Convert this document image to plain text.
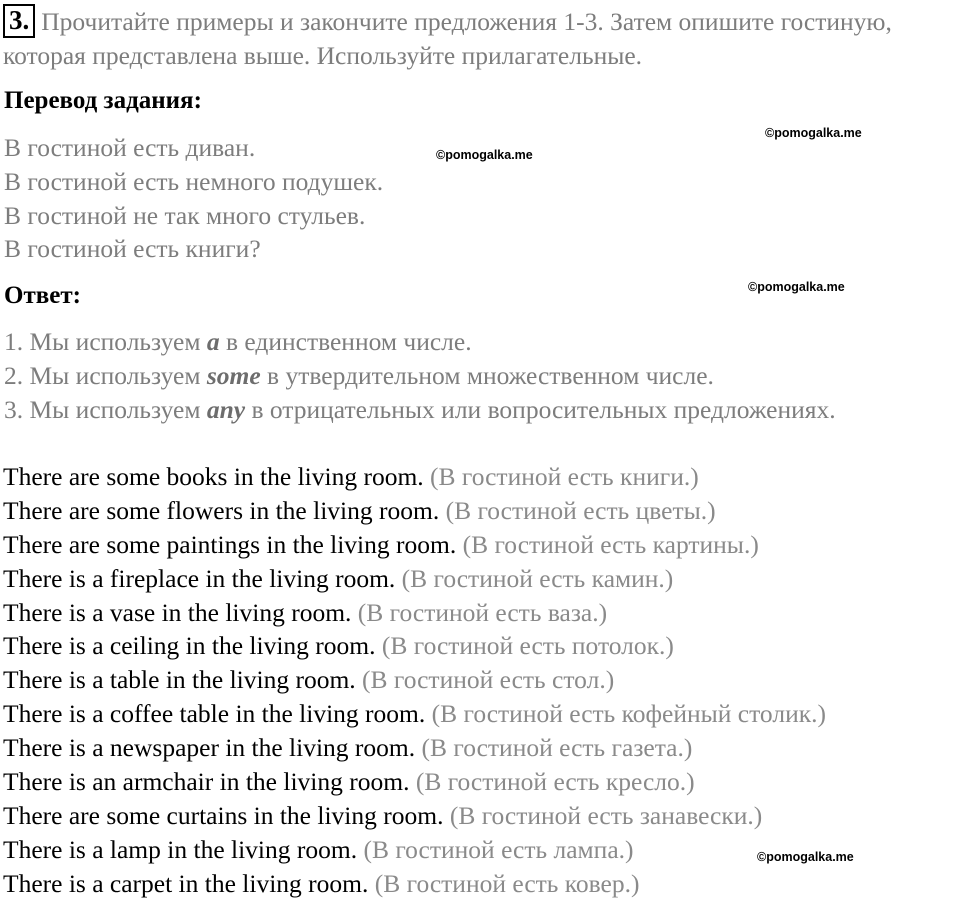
3. Прочитайте примеры и закончите предложения 1-3. Затем опишите гостиную, которая представлена выше. Используйте прилагательные.
Перевод задания:
В гостиной есть диван.
В гостиной есть немного подушек.
В гостиной не так много стульев.
В гостиной есть книги?
Ответ:
1. Мы используем a в единственном числе.
2. Мы используем some в утвердительном множественном числе.
3. Мы используем any в отрицательных или вопросительных предложениях.
There are some books in the living room. (В гостиной есть книги.)
There are some flowers in the living room. (В гостиной есть цветы.)
There are some paintings in the living room. (В гостиной есть картины.)
There is a fireplace in the living room. (В гостиной есть камин.)
There is a vase in the living room. (В гостиной есть ваза.)
There is a ceiling in the living room. (В гостиной есть потолок.)
There is a table in the living room. (В гостиной есть стол.)
There is a coffee table in the living room. (В гостиной есть кофейный столик.)
There is a newspaper in the living room. (В гостиной есть газета.)
There is an armchair in the living room. (В гостиной есть кресло.)
There are some curtains in the living room. (В гостиной есть занавески.)
There is a lamp in the living room. (В гостиной есть лампа.)
There is a carpet in the living room. (В гостиной есть ковер.)
©pomogalka.me
©pomogalka.me
©pomogalka.me
©pomogalka.me
